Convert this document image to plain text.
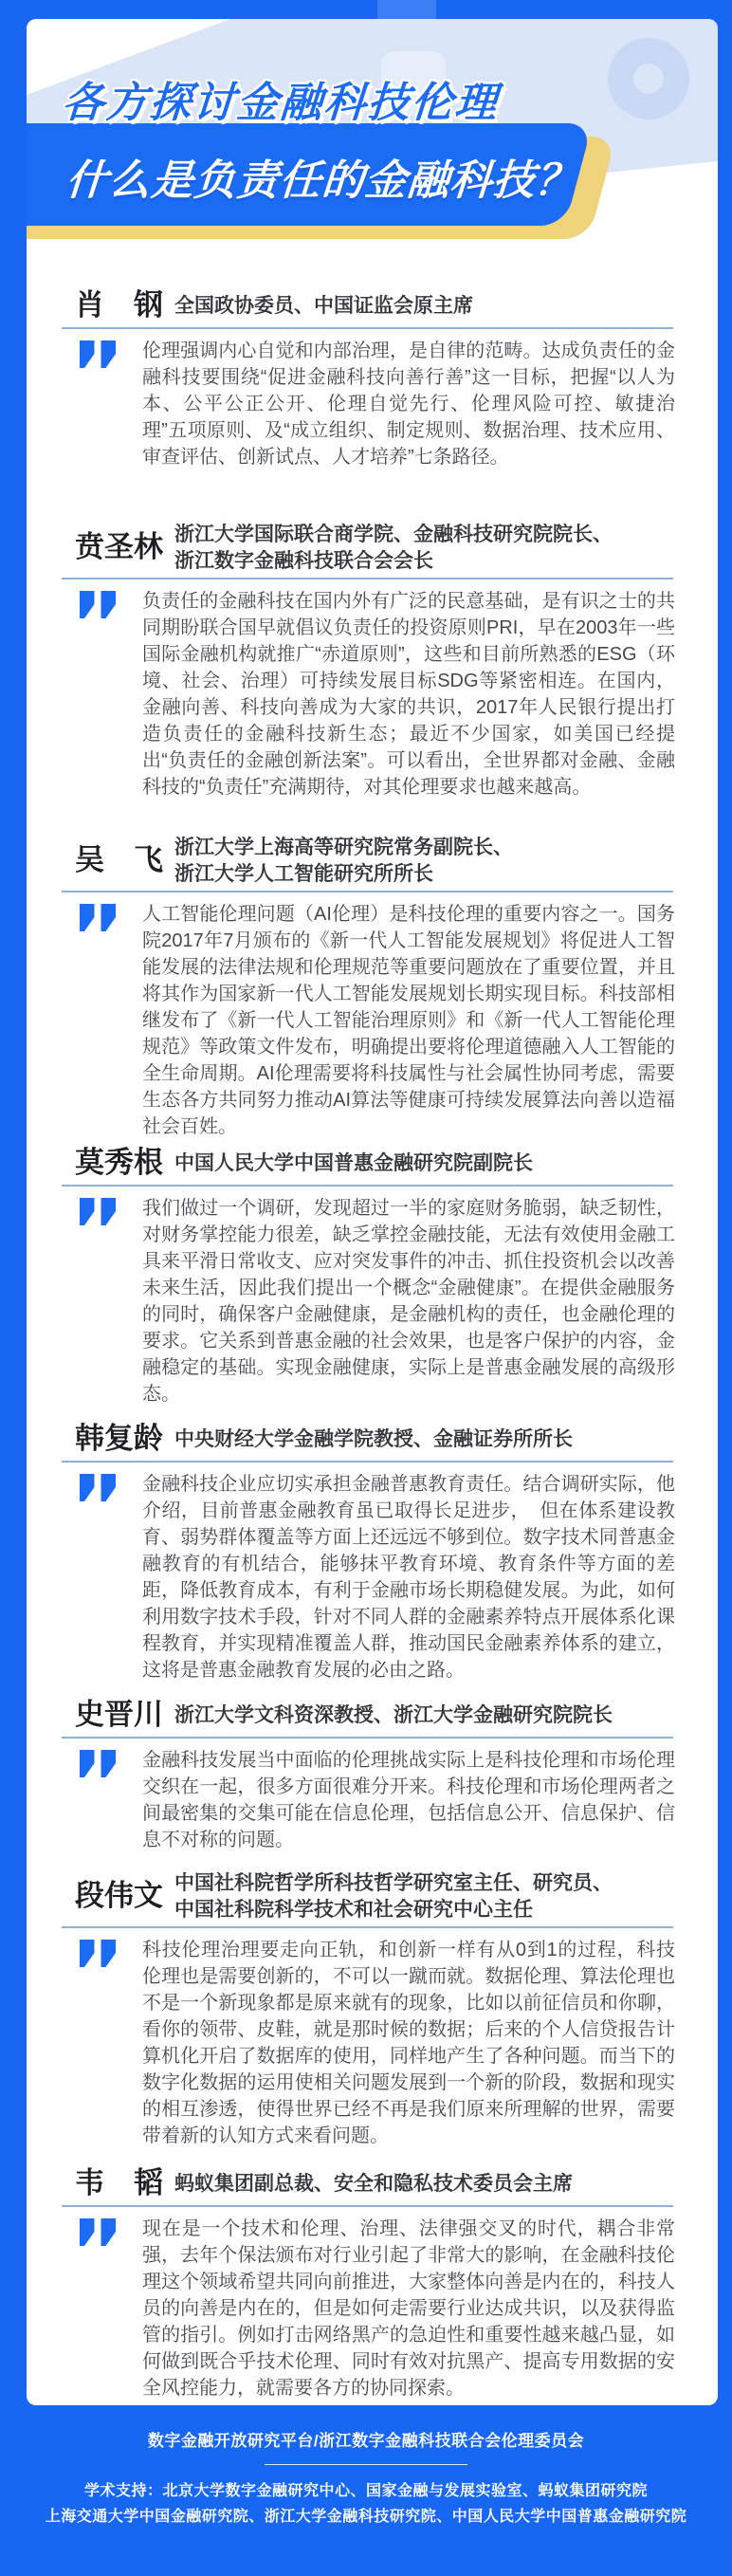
各方探讨金融科技伦理
什么是负责任的金融科技？
肖　钢 全国政协委员、中国证监会原主席

伦理强调内心自觉和内部治理，是自律的范畴。达成负责任的金融科技要围绕“促进金融科技向善行善”这一目标，把握“以人为本、公平公正公开、伦理自觉先行、伦理风险可控、敏捷治理”五项原则、及“成立组织、制定规则、数据治理、技术应用、审查评估、创新试点、人才培养”七条路径。

贲圣林 浙江大学国际联合商学院、金融科技研究院院长、
浙江数字金融科技联合会会长

负责任的金融科技在国内外有广泛的民意基础，是有识之士的共同期盼联合国早就倡议负责任的投资原则PRI，早在2003年一些国际金融机构就推广“赤道原则”，这些和目前所熟悉的ESG（环境、社会、治理）可持续发展目标SDG等紧密相连。在国内，金融向善、科技向善成为大家的共识，2017年人民银行提出打造负责任的金融科技新生态；最近不少国家，如美国已经提出“负责任的金融创新法案”。可以看出，全世界都对金融、金融科技的“负责任”充满期待，对其伦理要求也越来越高。

吴　飞 浙江大学上海高等研究院常务副院长、
浙江大学人工智能研究所所长

人工智能伦理问题（AI伦理）是科技伦理的重要内容之一。国务院2017年7月颁布的《新一代人工智能发展规划》将促进人工智能发展的法律法规和伦理规范等重要问题放在了重要位置，并且将其作为国家新一代人工智能发展规划长期实现目标。科技部相继发布了《新一代人工智能治理原则》和《新一代人工智能伦理规范》等政策文件发布，明确提出要将伦理道德融入人工智能的全生命周期。AI伦理需要将科技属性与社会属性协同考虑，需要生态各方共同努力推动AI算法等健康可持续发展算法向善以造福社会百姓。

莫秀根 中国人民大学中国普惠金融研究院副院长

我们做过一个调研，发现超过一半的家庭财务脆弱，缺乏韧性，对财务掌控能力很差，缺乏掌控金融技能，无法有效使用金融工具来平滑日常收支、应对突发事件的冲击、抓住投资机会以改善未来生活，因此我们提出一个概念“金融健康”。在提供金融服务的同时，确保客户金融健康，是金融机构的责任，也金融伦理的要求。它关系到普惠金融的社会效果，也是客户保护的内容，金融稳定的基础。实现金融健康，实际上是普惠金融发展的高级形态。

韩复龄 中央财经大学金融学院教授、金融证券所所长

金融科技企业应切实承担金融普惠教育责任。结合调研实际，他介绍，目前普惠金融教育虽已取得长足进步，　但在体系建设教育、弱势群体覆盖等方面上还远远不够到位。数字技术同普惠金融教育的有机结合，能够抹平教育环境、教育条件等方面的差距，降低教育成本，有利于金融市场长期稳健发展。为此，如何利用数字技术手段，针对不同人群的金融素养特点开展体系化课程教育，并实现精准覆盖人群，推动国民金融素养体系的建立，这将是普惠金融教育发展的必由之路。

史晋川 浙江大学文科资深教授、浙江大学金融研究院院长

金融科技发展当中面临的伦理挑战实际上是科技伦理和市场伦理交织在一起，很多方面很难分开来。科技伦理和市场伦理两者之间最密集的交集可能在信息伦理，包括信息公开、信息保护、信息不对称的问题。

段伟文 中国社科院哲学所科技哲学研究室主任、研究员、
中国社科院科学技术和社会研究中心主任

科技伦理治理要走向正轨，和创新一样有从0到1的过程，科技伦理也是需要创新的，不可以一蹴而就。数据伦理、算法伦理也不是一个新现象都是原来就有的现象，比如以前征信员和你聊，看你的领带、皮鞋，就是那时候的数据；后来的个人信贷报告计算机化开启了数据库的使用，同样地产生了各种问题。而当下的数字化数据的运用使相关问题发展到一个新的阶段，数据和现实的相互渗透，使得世界已经不再是我们原来所理解的世界，需要带着新的认知方式来看问题。

韦　韬 蚂蚁集团副总裁、安全和隐私技术委员会主席

现在是一个技术和伦理、治理、法律强交叉的时代，耦合非常强，去年个保法颁布对行业引起了非常大的影响，在金融科技伦理这个领域希望共同向前推进，大家整体向善是内在的，科技人员的向善是内在的，但是如何走需要行业达成共识，以及获得监管的指引。例如打击网络黑产的急迫性和重要性越来越凸显，如何做到既合乎技术伦理、同时有效对抗黑产、提高专用数据的安全风控能力，就需要各方的协同探索。

数字金融开放研究平台/浙江数字金融科技联合会伦理委员会
学术支持：北京大学数字金融研究中心、国家金融与发展实验室、蚂蚁集团研究院
上海交通大学中国金融研究院、浙江大学金融科技研究院、中国人民大学中国普惠金融研究院
